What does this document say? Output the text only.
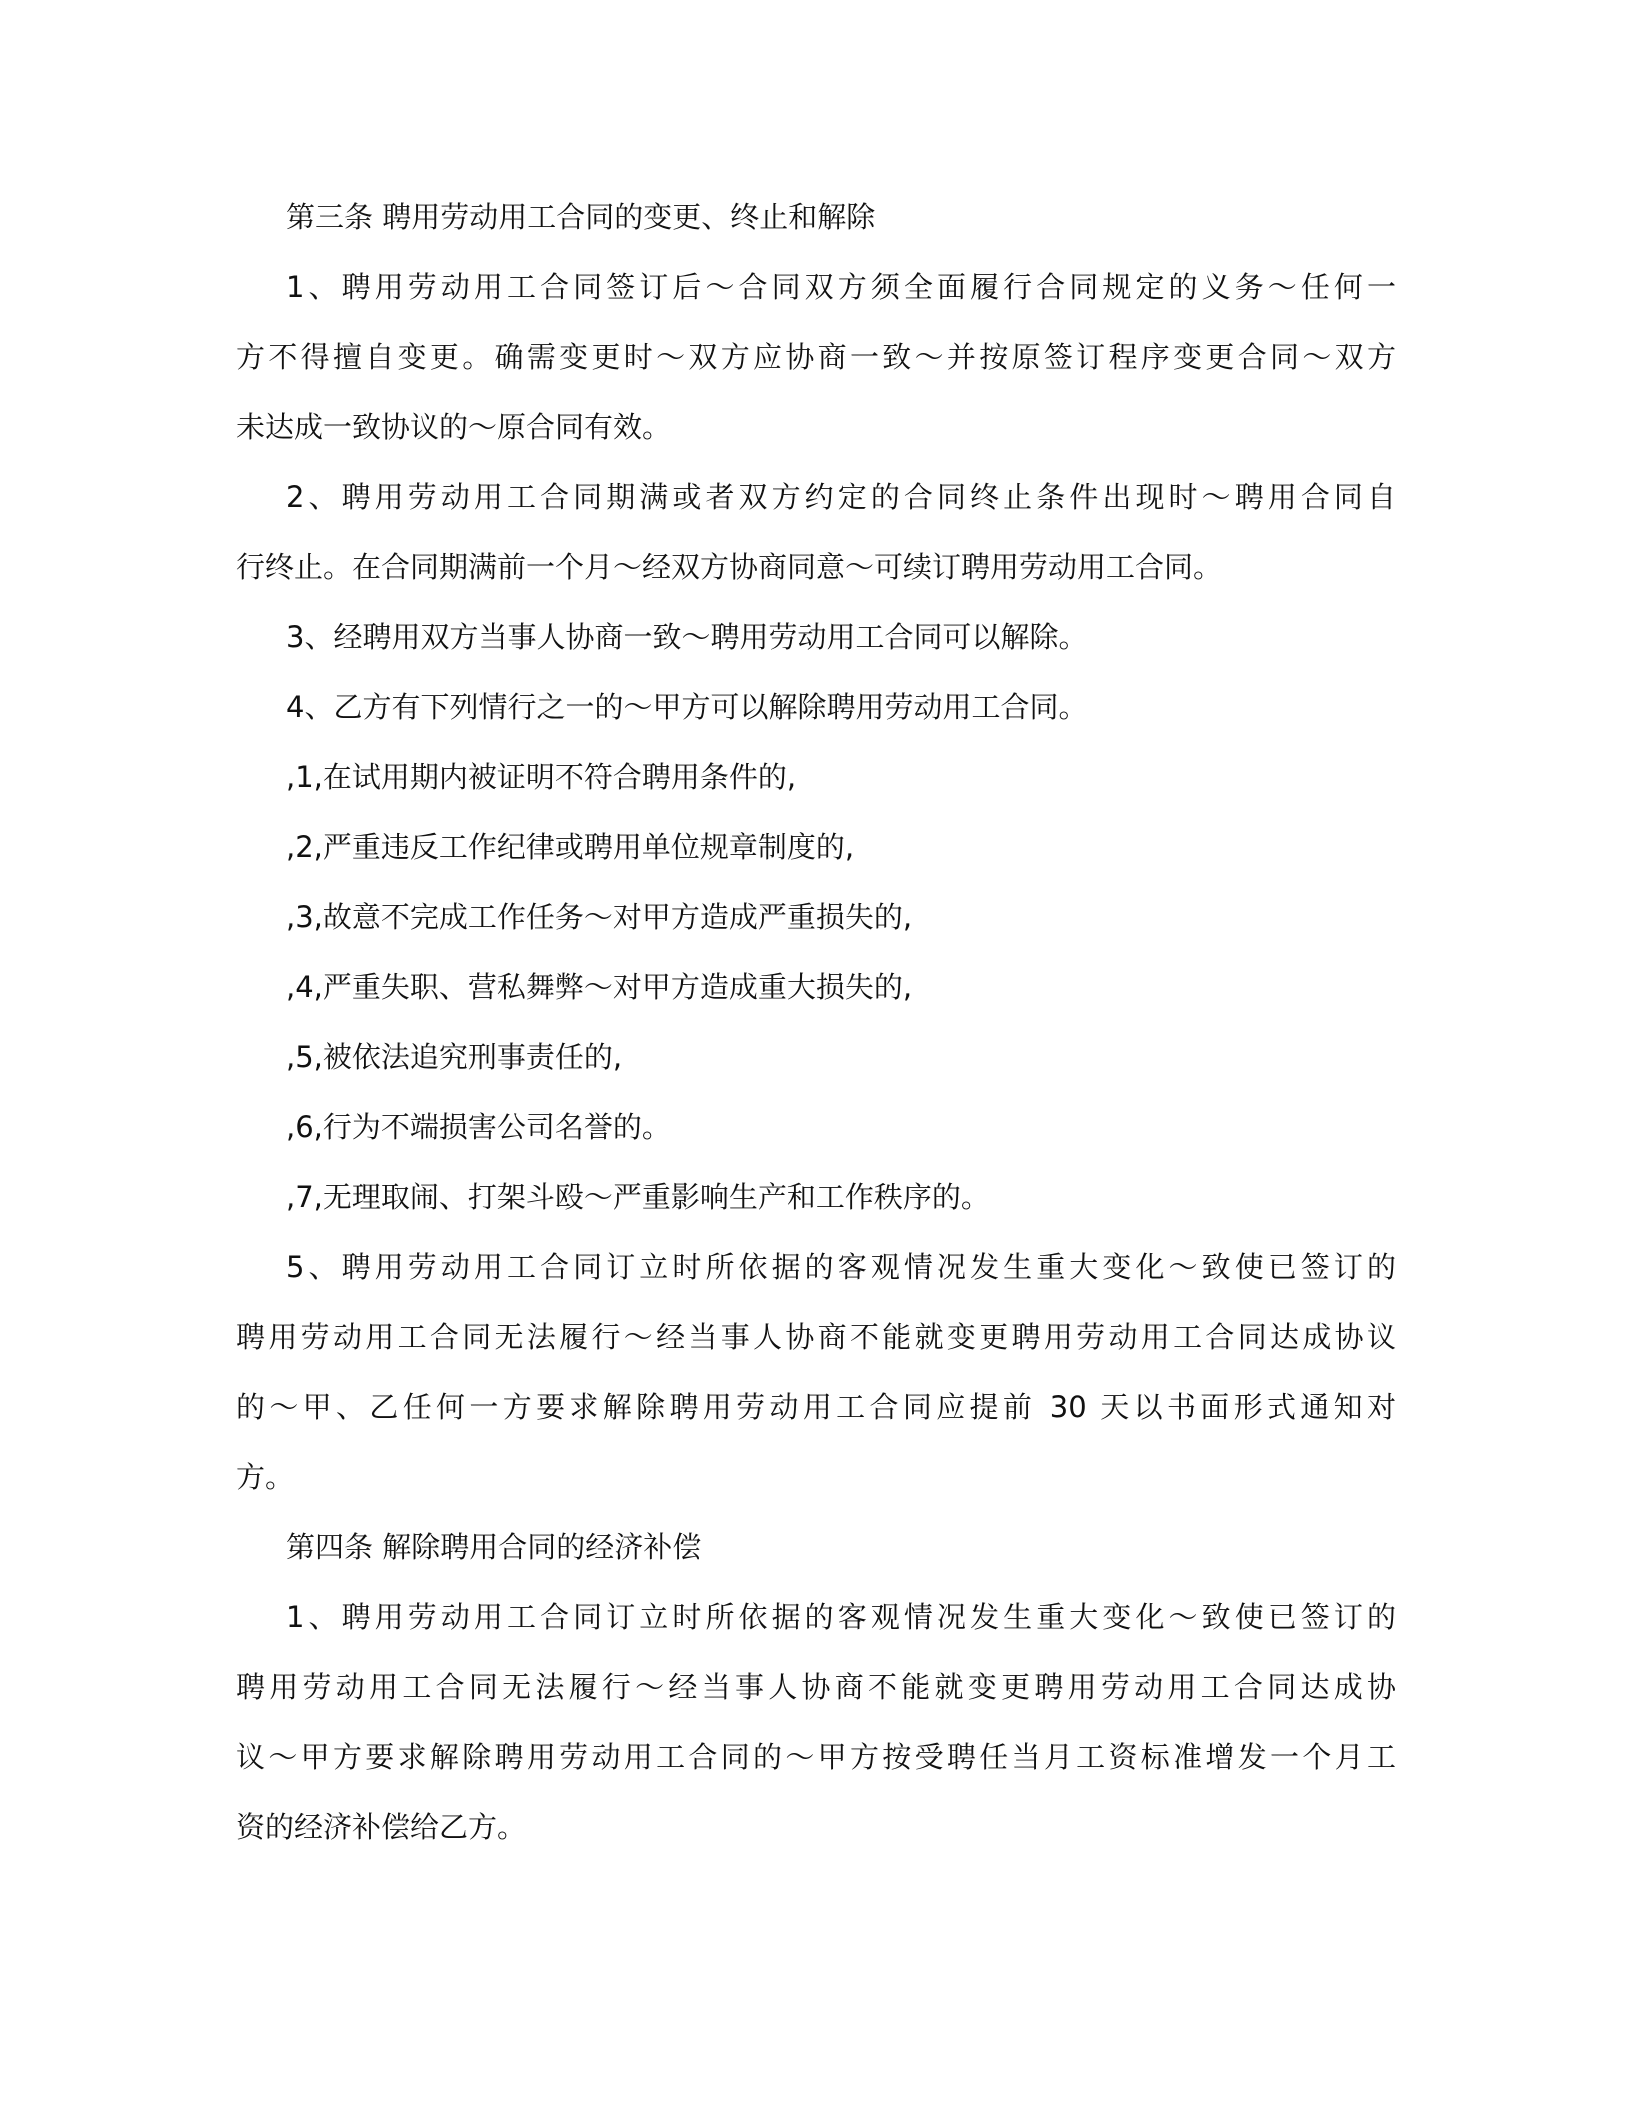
第三条 聘用劳动用工合同的变更、终止和解除
1、聘用劳动用工合同签订后～合同双方须全面履行合同规定的义务～任何一
方不得擅自变更。确需变更时～双方应协商一致～并按原签订程序变更合同～双方
未达成一致协议的～原合同有效。
2、聘用劳动用工合同期满或者双方约定的合同终止条件出现时～聘用合同自
行终止。在合同期满前一个月～经双方协商同意～可续订聘用劳动用工合同。
3、经聘用双方当事人协商一致～聘用劳动用工合同可以解除。
4、乙方有下列情行之一的～甲方可以解除聘用劳动用工合同。
,1,在试用期内被证明不符合聘用条件的,
,2,严重违反工作纪律或聘用单位规章制度的,
,3,故意不完成工作任务～对甲方造成严重损失的,
,4,严重失职、营私舞弊～对甲方造成重大损失的,
,5,被依法追究刑事责任的,
,6,行为不端损害公司名誉的。
,7,无理取闹、打架斗殴～严重影响生产和工作秩序的。
5、聘用劳动用工合同订立时所依据的客观情况发生重大变化～致使已签订的
聘用劳动用工合同无法履行～经当事人协商不能就变更聘用劳动用工合同达成协议
的～甲、乙任何一方要求解除聘用劳动用工合同应提前 30 天以书面形式通知对
方。
第四条 解除聘用合同的经济补偿
1、聘用劳动用工合同订立时所依据的客观情况发生重大变化～致使已签订的
聘用劳动用工合同无法履行～经当事人协商不能就变更聘用劳动用工合同达成协
议～甲方要求解除聘用劳动用工合同的～甲方按受聘任当月工资标准增发一个月工
资的经济补偿给乙方。
